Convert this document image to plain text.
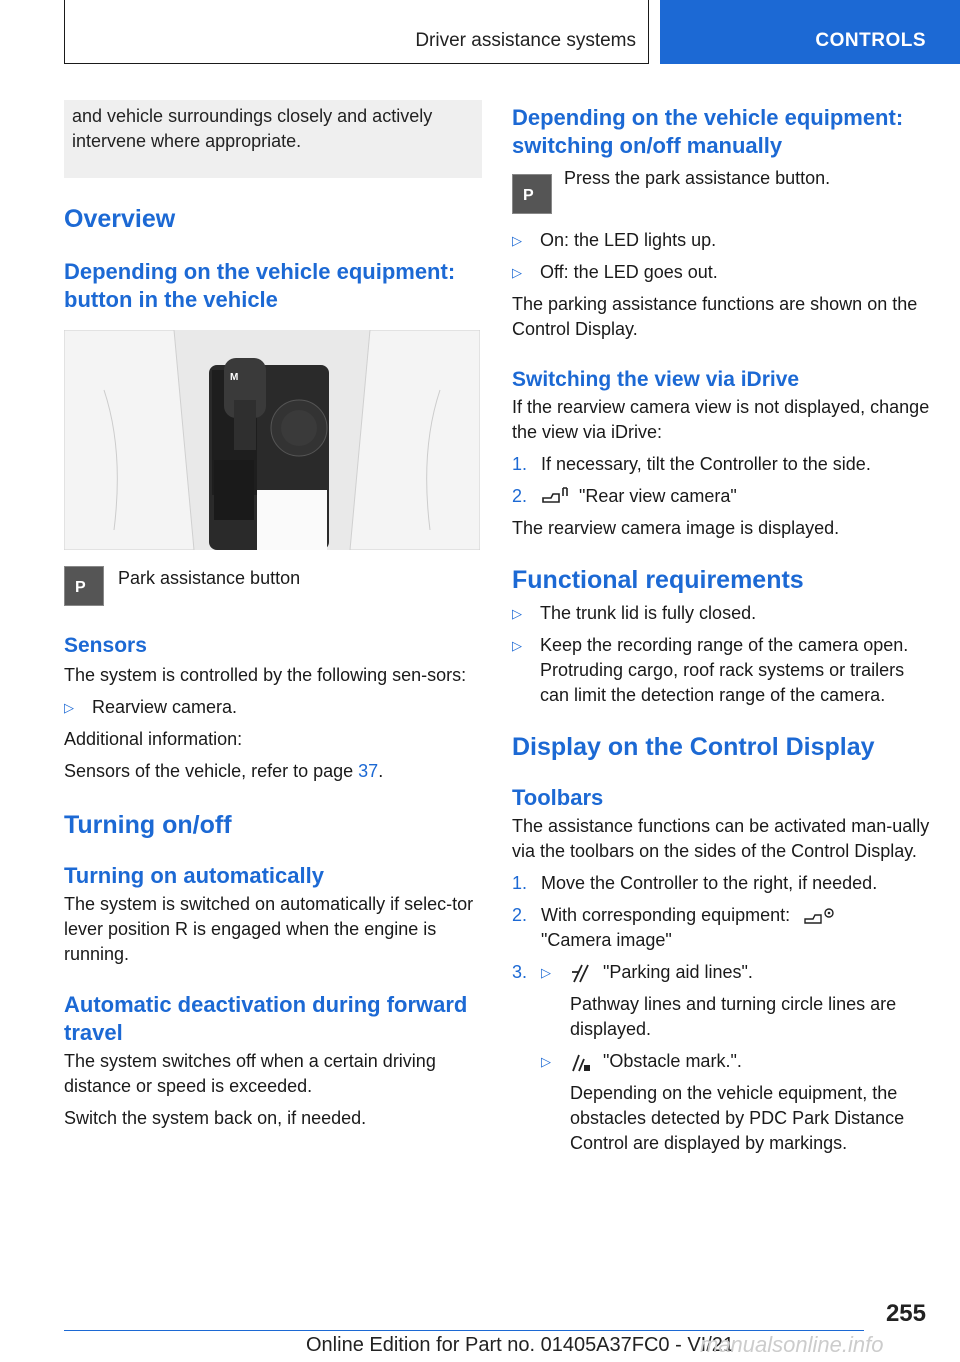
Driver assistance systems	CONTROLS

and vehicle surroundings closely and actively intervene where appropriate.

Overview
Depending on the vehicle equipment: button in the vehicle
M
P
Park assistance button
Sensors

The system is controlled by the following sen-sors:

▷	Rearview camera.

Additional information:

Sensors of the vehicle, refer to page 37.

Turning on/off
Turning on automatically

The system is switched on automatically if selec-tor lever position R is engaged when the engine is running.

Automatic deactivation during forward travel

The system switches off when a certain driving distance or speed is exceeded.

Switch the system back on, if needed.

Depending on the vehicle equipment: switching on/off manually
P
Press the park assistance button.
▷	On: the LED lights up.
▷	Off: the LED goes out.

The parking assistance functions are shown on the Control Display.

Switching the view via iDrive

If the rearview camera view is not displayed, change the view via iDrive:

1. If necessary, tilt the Controller to the side.
2.	"Rear view camera"

The rearview camera image is displayed.

Functional requirements
▷	The trunk lid is fully closed.
▷	Keep the recording range of the camera open. Protruding cargo, roof rack systems or trailers can limit the detection range of the camera.
Display on the Control Display
Toolbars

The assistance functions can be activated man-ually via the toolbars on the sides of the Control Display.

1. Move the Controller to the right, if needed.
2. With corresponding equipment:
"Camera image"
3.	▷	"Parking aid lines".

Pathway lines and turning circle lines are displayed.

▷	"Obstacle mark.".

Depending on the vehicle equipment, the obstacles detected by PDC Park Distance Control are displayed by markings.

255
Online Edition for Part no. 01405A37FC0 - VI/21
manualsonline.info
